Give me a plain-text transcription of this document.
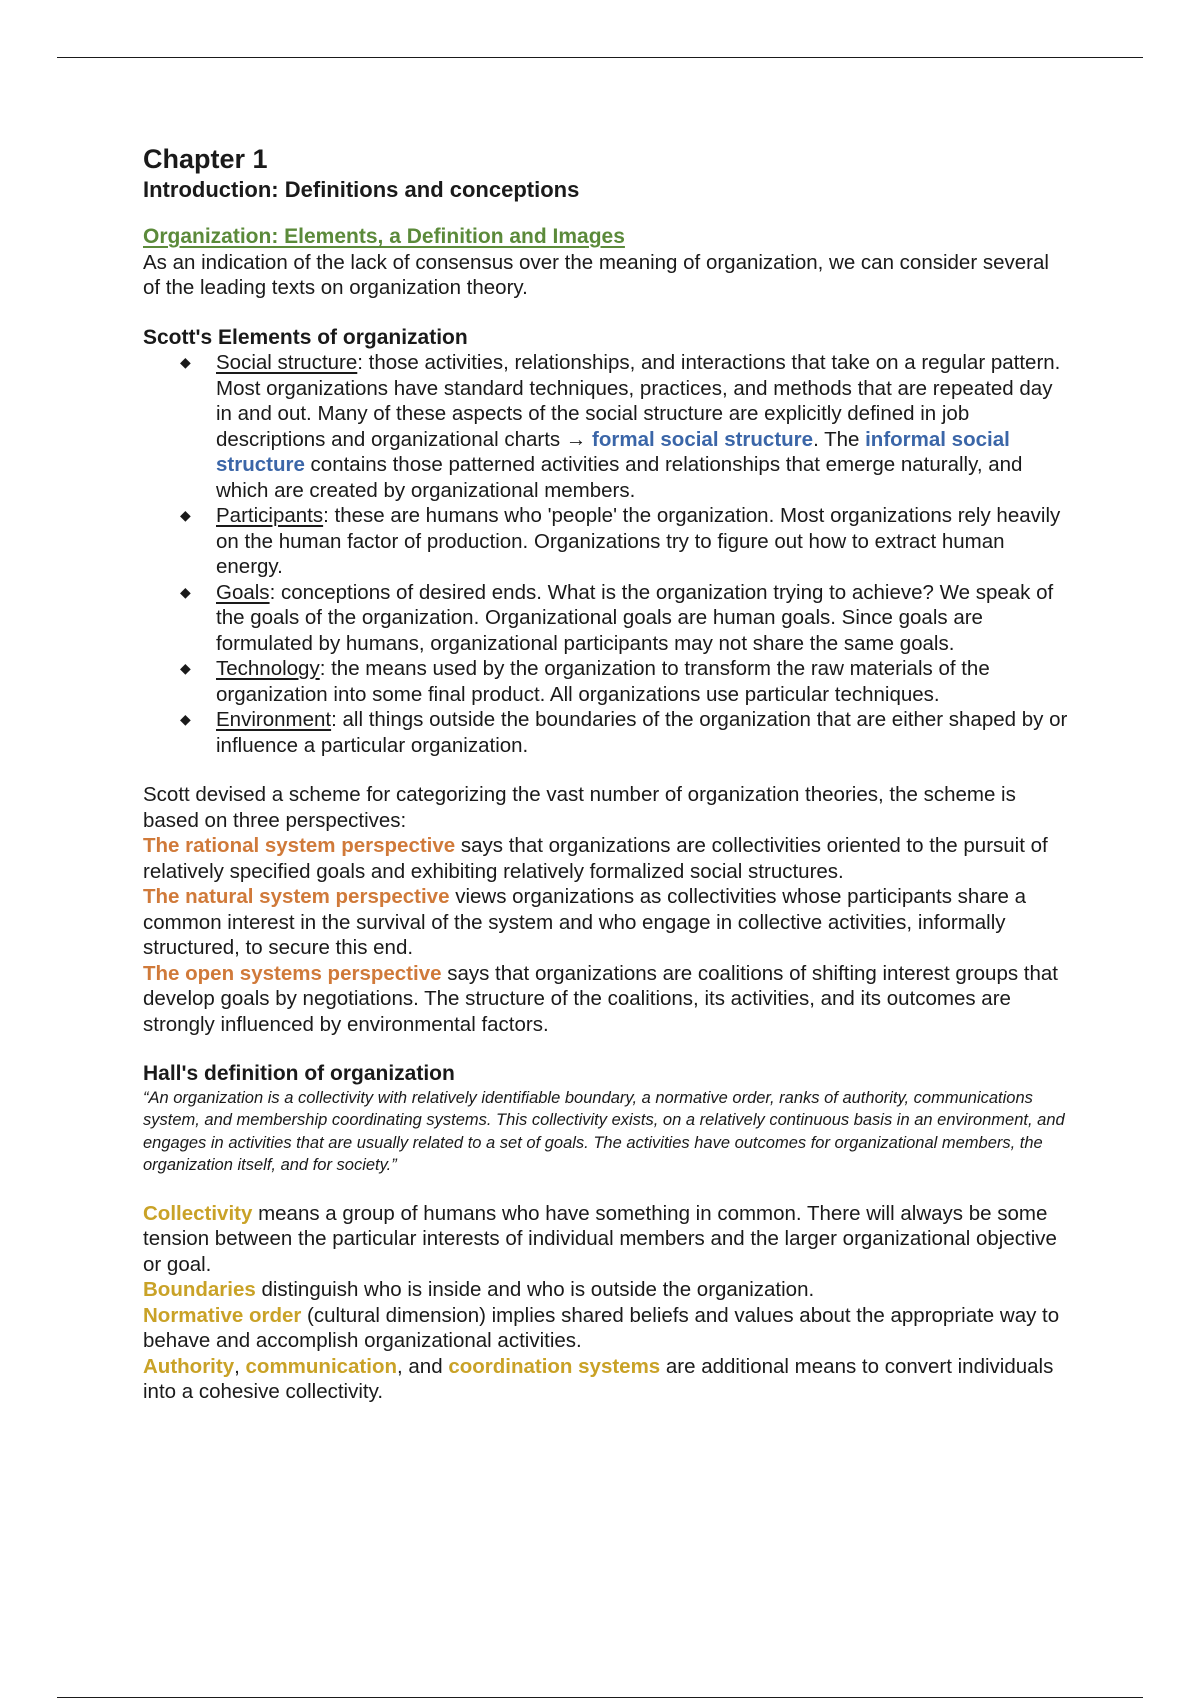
Chapter 1
Introduction: Definitions and conceptions
Organization: Elements, a Definition and Images

As an indication of the lack of consensus over the meaning of organization, we can consider several of the leading texts on organization theory.

Scott's Elements of organization
◆ Social structure: those activities, relationships, and interactions that take on a regular pattern. Most organizations have standard techniques, practices, and methods that are repeated day in and out. Many of these aspects of the social structure are explicitly defined in job descriptions and organizational charts → formal social structure. The informal social structure contains those patterned activities and relationships that emerge naturally, and which are created by organizational members.
◆ Participants: these are humans who 'people' the organization. Most organizations rely heavily on the human factor of production. Organizations try to figure out how to extract human energy.
◆ Goals: conceptions of desired ends. What is the organization trying to achieve? We speak of the goals of the organization. Organizational goals are human goals. Since goals are formulated by humans, organizational participants may not share the same goals.
◆ Technology: the means used by the organization to transform the raw materials of the organization into some final product. All organizations use particular techniques.
◆ Environment: all things outside the boundaries of the organization that are either shaped by or influence a particular organization.

Scott devised a scheme for categorizing the vast number of organization theories, the scheme is based on three perspectives:

The rational system perspective says that organizations are collectivities oriented to the pursuit of relatively specified goals and exhibiting relatively formalized social structures.

The natural system perspective views organizations as collectivities whose participants share a common interest in the survival of the system and who engage in collective activities, informally structured, to secure this end.

The open systems perspective says that organizations are coalitions of shifting interest groups that develop goals by negotiations. The structure of the coalitions, its activities, and its outcomes are strongly influenced by environmental factors.

Hall's definition of organization

“An organization is a collectivity with relatively identifiable boundary, a normative order, ranks of authority, communications system, and membership coordinating systems. This collectivity exists, on a relatively continuous basis in an environment, and engages in activities that are usually related to a set of goals. The activities have outcomes for organizational members, the organization itself, and for society.”

Collectivity means a group of humans who have something in common. There will always be some tension between the particular interests of individual members and the larger organizational objective or goal.

Boundaries distinguish who is inside and who is outside the organization.

Normative order (cultural dimension) implies shared beliefs and values about the appropriate way to behave and accomplish organizational activities.

Authority, communication, and coordination systems are additional means to convert individuals into a cohesive collectivity.
